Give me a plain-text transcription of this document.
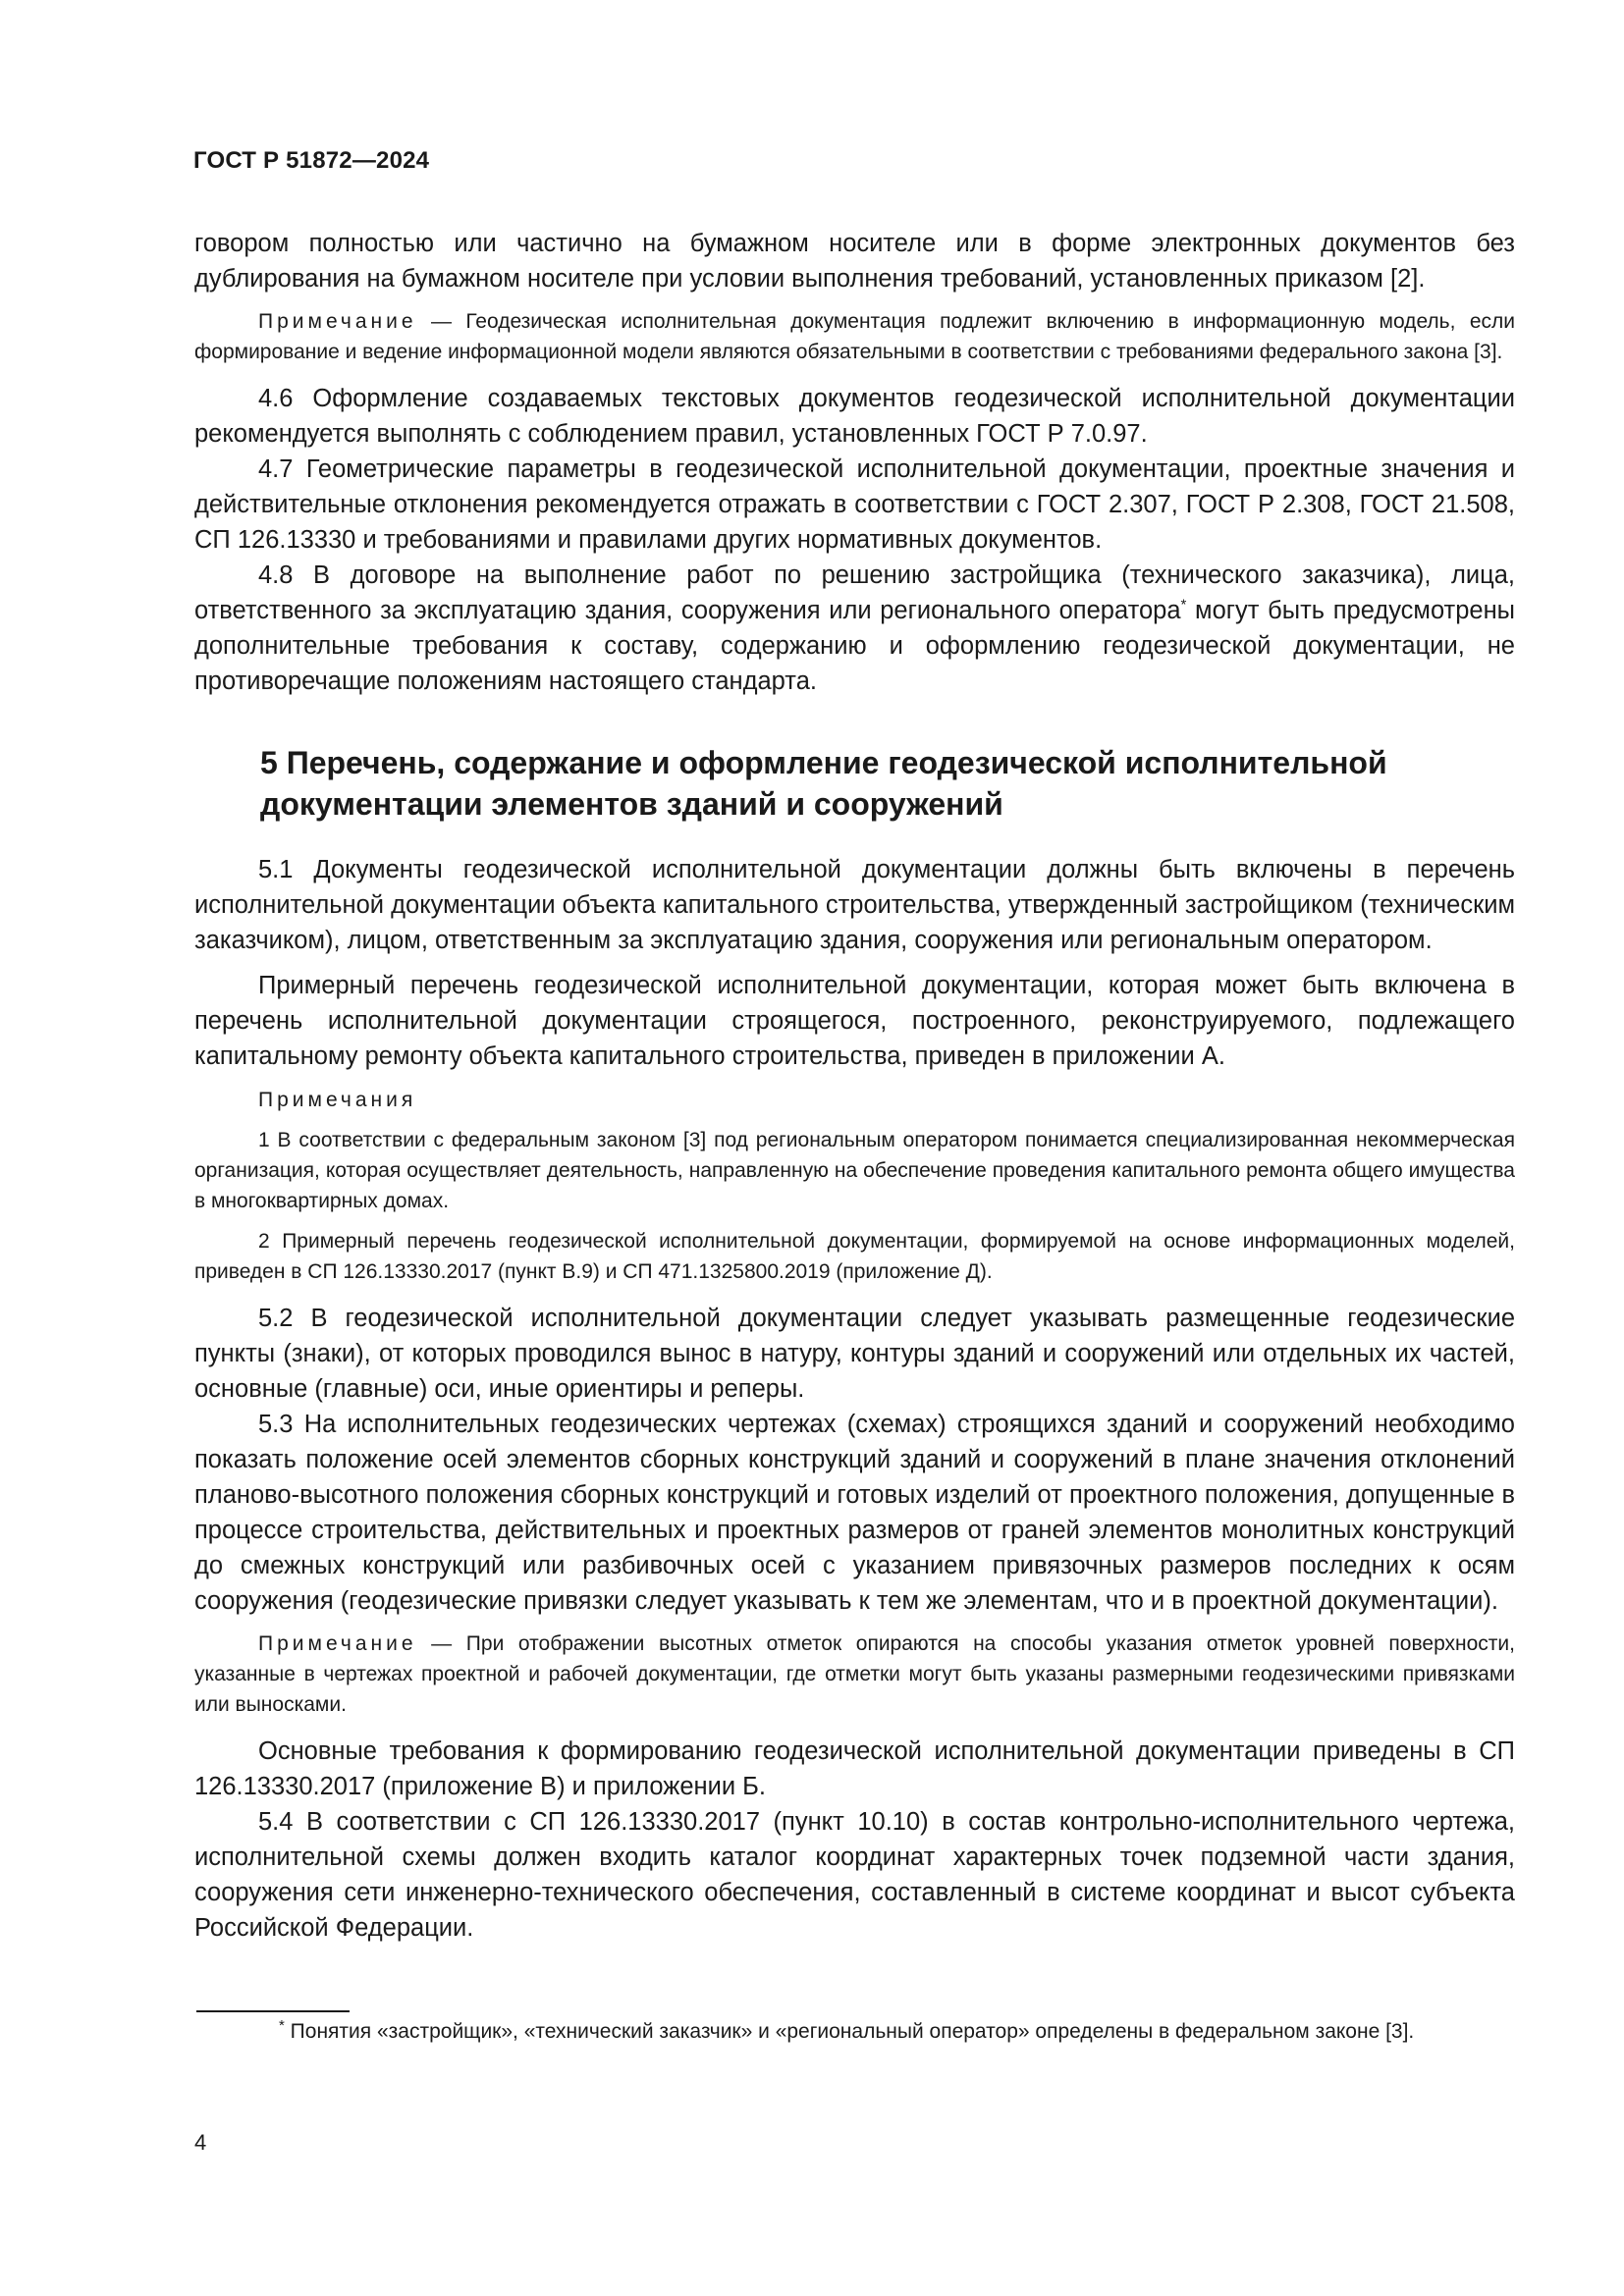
ГОСТ Р 51872—2024

говором полностью или частично на бумажном носителе или в форме электронных документов без дублирования на бумажном носителе при условии выполнения требований, установленных приказом [2].

Примечание — Геодезическая исполнительная документация подлежит включению в информационную модель, если формирование и ведение информационной модели являются обязательными в соответствии с требованиями федерального закона [3].

4.6 Оформление создаваемых текстовых документов геодезической исполнительной документации рекомендуется выполнять с соблюдением правил, установленных ГОСТ Р 7.0.97.

4.7 Геометрические параметры в геодезической исполнительной документации, проектные значения и действительные отклонения рекомендуется отражать в соответствии с ГОСТ 2.307, ГОСТ Р 2.308, ГОСТ 21.508, СП 126.13330 и требованиями и правилами других нормативных документов.

4.8 В договоре на выполнение работ по решению застройщика (технического заказчика), лица, ответственного за эксплуатацию здания, сооружения или регионального оператора* могут быть предусмотрены дополнительные требования к составу, содержанию и оформлению геодезической документации, не противоречащие положениям настоящего стандарта.

5 Перечень, содержание и оформление геодезической исполнительной документации элементов зданий и сооружений

5.1 Документы геодезической исполнительной документации должны быть включены в перечень исполнительной документации объекта капитального строительства, утвержденный застройщиком (техническим заказчиком), лицом, ответственным за эксплуатацию здания, сооружения или региональным оператором.

Примерный перечень геодезической исполнительной документации, которая может быть включена в перечень исполнительной документации строящегося, построенного, реконструируемого, подлежащего капитальному ремонту объекта капитального строительства, приведен в приложении А.

Примечания

1 В соответствии с федеральным законом [3] под региональным оператором понимается специализированная некоммерческая организация, которая осуществляет деятельность, направленную на обеспечение проведения капитального ремонта общего имущества в многоквартирных домах.

2 Примерный перечень геодезической исполнительной документации, формируемой на основе информационных моделей, приведен в СП 126.13330.2017 (пункт В.9) и СП 471.1325800.2019 (приложение Д).

5.2 В геодезической исполнительной документации следует указывать размещенные геодезические пункты (знаки), от которых проводился вынос в натуру, контуры зданий и сооружений или отдельных их частей, основные (главные) оси, иные ориентиры и реперы.

5.3 На исполнительных геодезических чертежах (схемах) строящихся зданий и сооружений необходимо показать положение осей элементов сборных конструкций зданий и сооружений в плане значения отклонений планово-высотного положения сборных конструкций и готовых изделий от проектного положения, допущенные в процессе строительства, действительных и проектных размеров от граней элементов монолитных конструкций до смежных конструкций или разбивочных осей с указанием привязочных размеров последних к осям сооружения (геодезические привязки следует указывать к тем же элементам, что и в проектной документации).

Примечание — При отображении высотных отметок опираются на способы указания отметок уровней поверхности, указанные в чертежах проектной и рабочей документации, где отметки могут быть указаны размерными геодезическими привязками или выносками.

Основные требования к формированию геодезической исполнительной документации приведены в СП 126.13330.2017 (приложение В) и приложении Б.

5.4 В соответствии с СП 126.13330.2017 (пункт 10.10) в состав контрольно-исполнительного чертежа, исполнительной схемы должен входить каталог координат характерных точек подземной части здания, сооружения сети инженерно-технического обеспечения, составленный в системе координат и высот субъекта Российской Федерации.

* Понятия «застройщик», «технический заказчик» и «региональный оператор» определены в федеральном законе [3].

4
